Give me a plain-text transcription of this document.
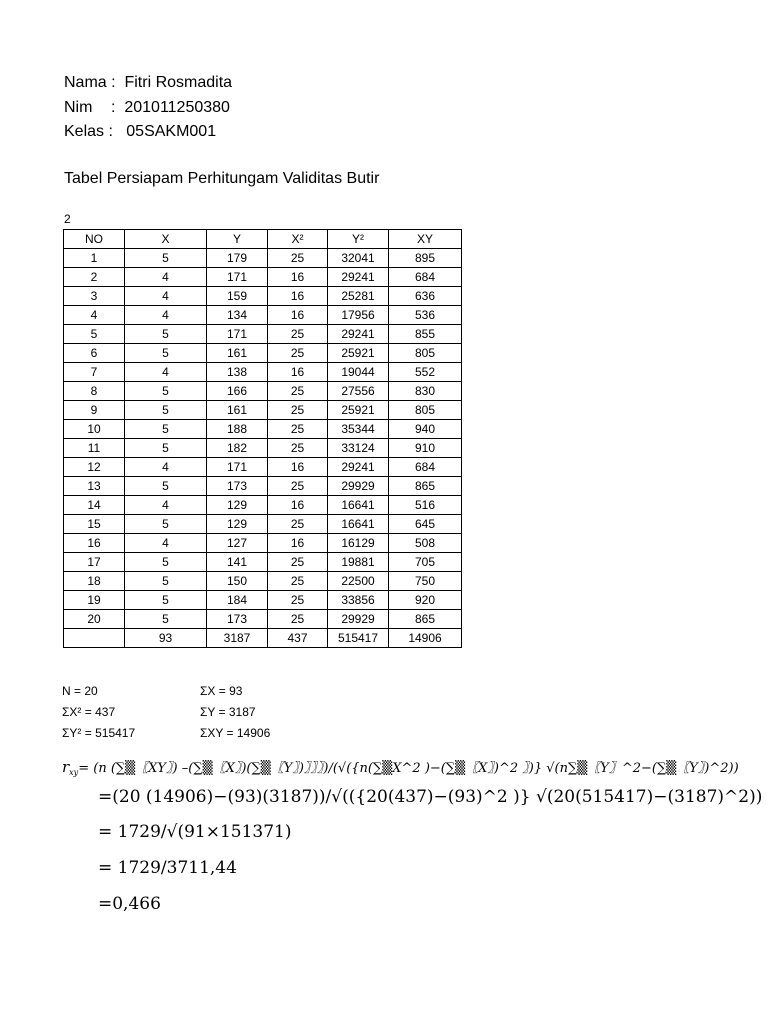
Nama : Fitri Rosmadita
Nim : 201011250380
Kelas : 05SAKM001
Tabel Persiapam Perhitungam Validitas Butir
2
NO	X	Y	X²	Y²	XY
1	5	179	25	32041	895
2	4	171	16	29241	684
3	4	159	16	25281	636
4	4	134	16	17956	536
5	5	171	25	29241	855
6	5	161	25	25921	805
7	4	138	16	19044	552
8	5	166	25	27556	830
9	5	161	25	25921	805
10	5	188	25	35344	940
11	5	182	25	33124	910
12	4	171	16	29241	684
13	5	173	25	29929	865
14	4	129	16	16641	516
15	5	129	25	16641	645
16	4	127	16	16129	508
17	5	141	25	19881	705
18	5	150	25	22500	750
19	5	184	25	33856	920
20	5	173	25	29929	865
	93	3187	437	515417	14906
N = 20
ΣX² = 437
ΣY² = 515417
ΣX = 93
ΣY = 3187
ΣXY = 14906
$r_{xy}= (n$ (∑▒〖XY〗) –(∑▒〖X〗)(∑▒〖Y〗)〗〗〗)/(√({n(∑▒X^2 )−(∑▒〖X〗)^2 〗)} √(n∑▒〖Y〗^2−(∑▒〖Y〗)^2))
=(20 (14906)−(93)(3187))/√(({20(437)−(93)^2 )} √(20(515417)−(3187)^2))
= 1729/√(91×151371)
= 1729/3711,44
=0,466
